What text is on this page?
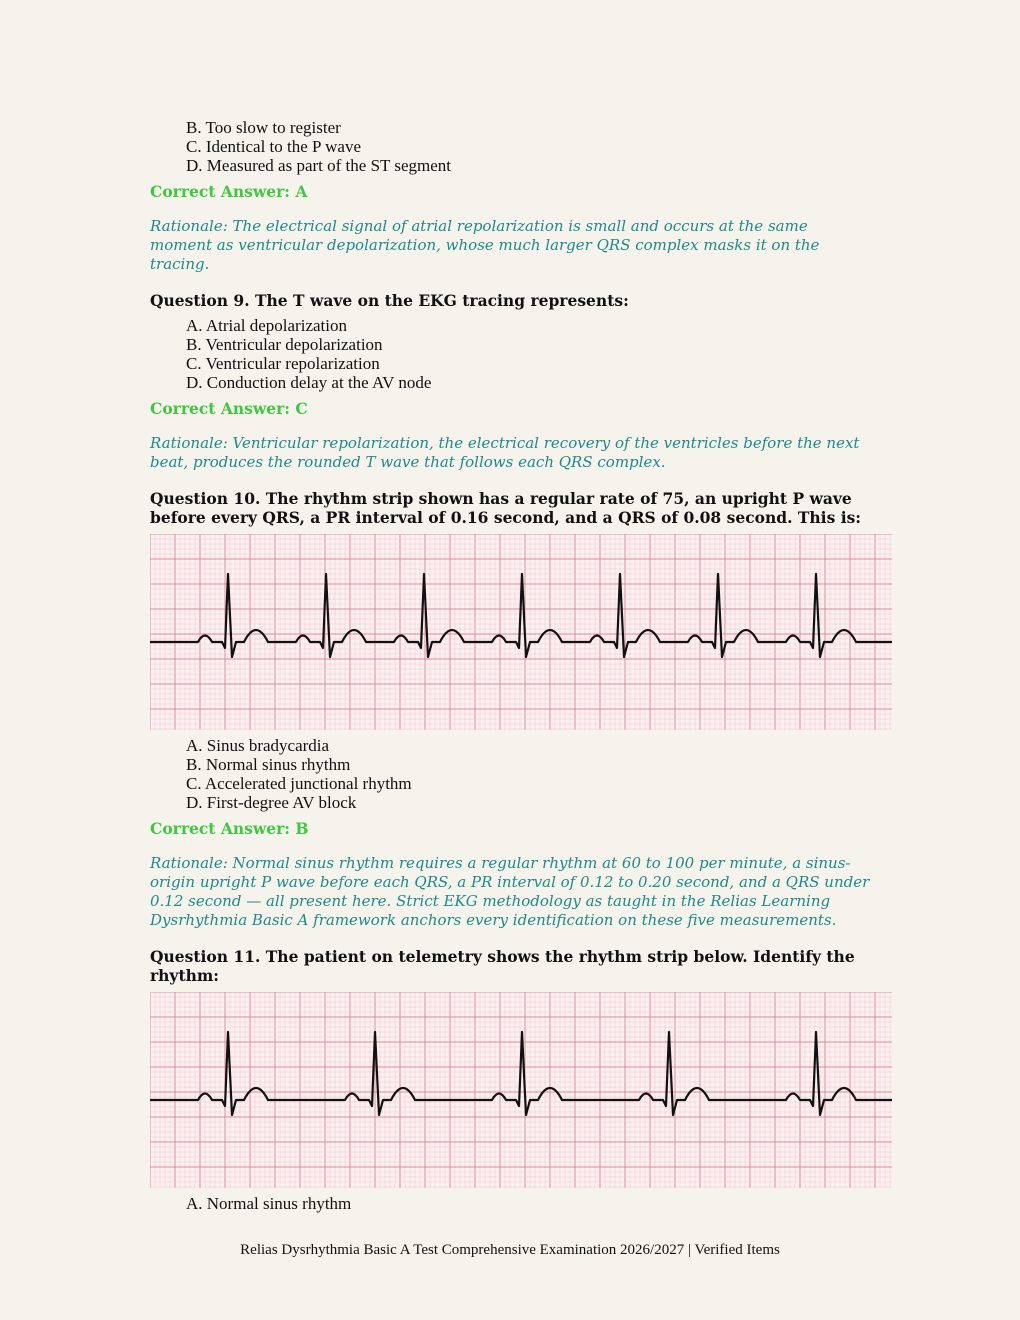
B. Too slow to register
C. Identical to the P wave
D. Measured as part of the ST segment
Correct Answer: A
Rationale: The electrical signal of atrial repolarization is small and occurs at the same moment as ventricular depolarization, whose much larger QRS complex masks it on the tracing.
Question 9. The T wave on the EKG tracing represents:
A. Atrial depolarization
B. Ventricular depolarization
C. Ventricular repolarization
D. Conduction delay at the AV node
Correct Answer: C
Rationale: Ventricular repolarization, the electrical recovery of the ventricles before the next beat, produces the rounded T wave that follows each QRS complex.
Question 10. The rhythm strip shown has a regular rate of 75, an upright P wave before every QRS, a PR interval of 0.16 second, and a QRS of 0.08 second. This is:
A. Sinus bradycardia
B. Normal sinus rhythm
C. Accelerated junctional rhythm
D. First-degree AV block
Correct Answer: B
Rationale: Normal sinus rhythm requires a regular rhythm at 60 to 100 per minute, a sinus-origin upright P wave before each QRS, a PR interval of 0.12 to 0.20 second, and a QRS under 0.12 second — all present here. Strict EKG methodology as taught in the Relias Learning Dysrhythmia Basic A framework anchors every identification on these five measurements.
Question 11. The patient on telemetry shows the rhythm strip below. Identify the rhythm:
A. Normal sinus rhythm
Relias Dysrhythmia Basic A Test Comprehensive Examination 2026/2027 | Verified Items
